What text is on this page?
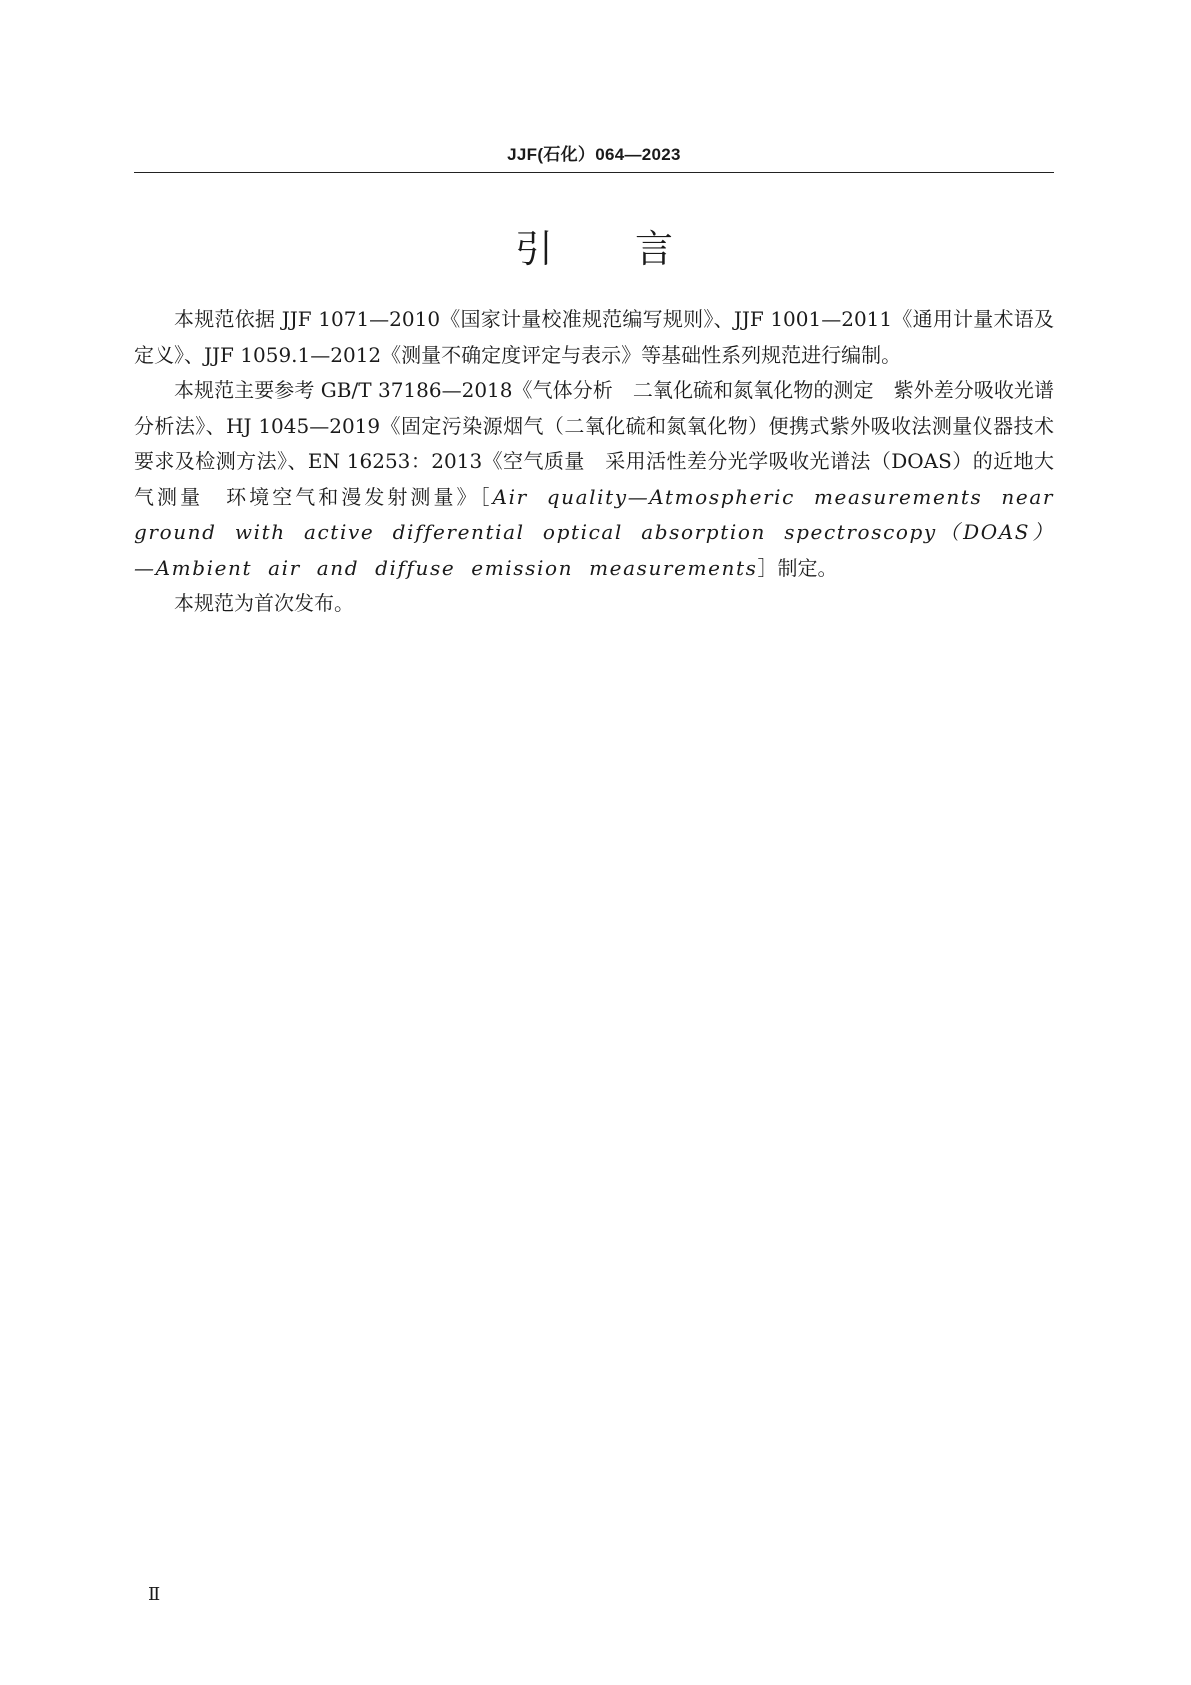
JJF(石化）064—2023
引 言

本规范依据 JJF 1071—2010《国家计量校准规范编写规则》、JJF 1001—2011《通用计量术语及定义》、JJF 1059.1—2012《测量不确定度评定与表示》等基础性系列规范进行编制。

本规范主要参考 GB/T 37186—2018《气体分析　二氧化硫和氮氧化物的测定　紫外差分吸收光谱分析法》、HJ 1045—2019《固定污染源烟气（二氧化硫和氮氧化物）便携式紫外吸收法测量仪器技术要求及检测方法》、EN 16253：2013《空气质量　采用活性差分光学吸收光谱法（DOAS）的近地大气测量　环境空气和漫发射测量》［Air quality—Atmospheric measurements near ground with active differential optical absorption spectroscopy（DOAS）—Ambient air and diffuse emission measurements］制定。

本规范为首次发布。

Ⅱ
